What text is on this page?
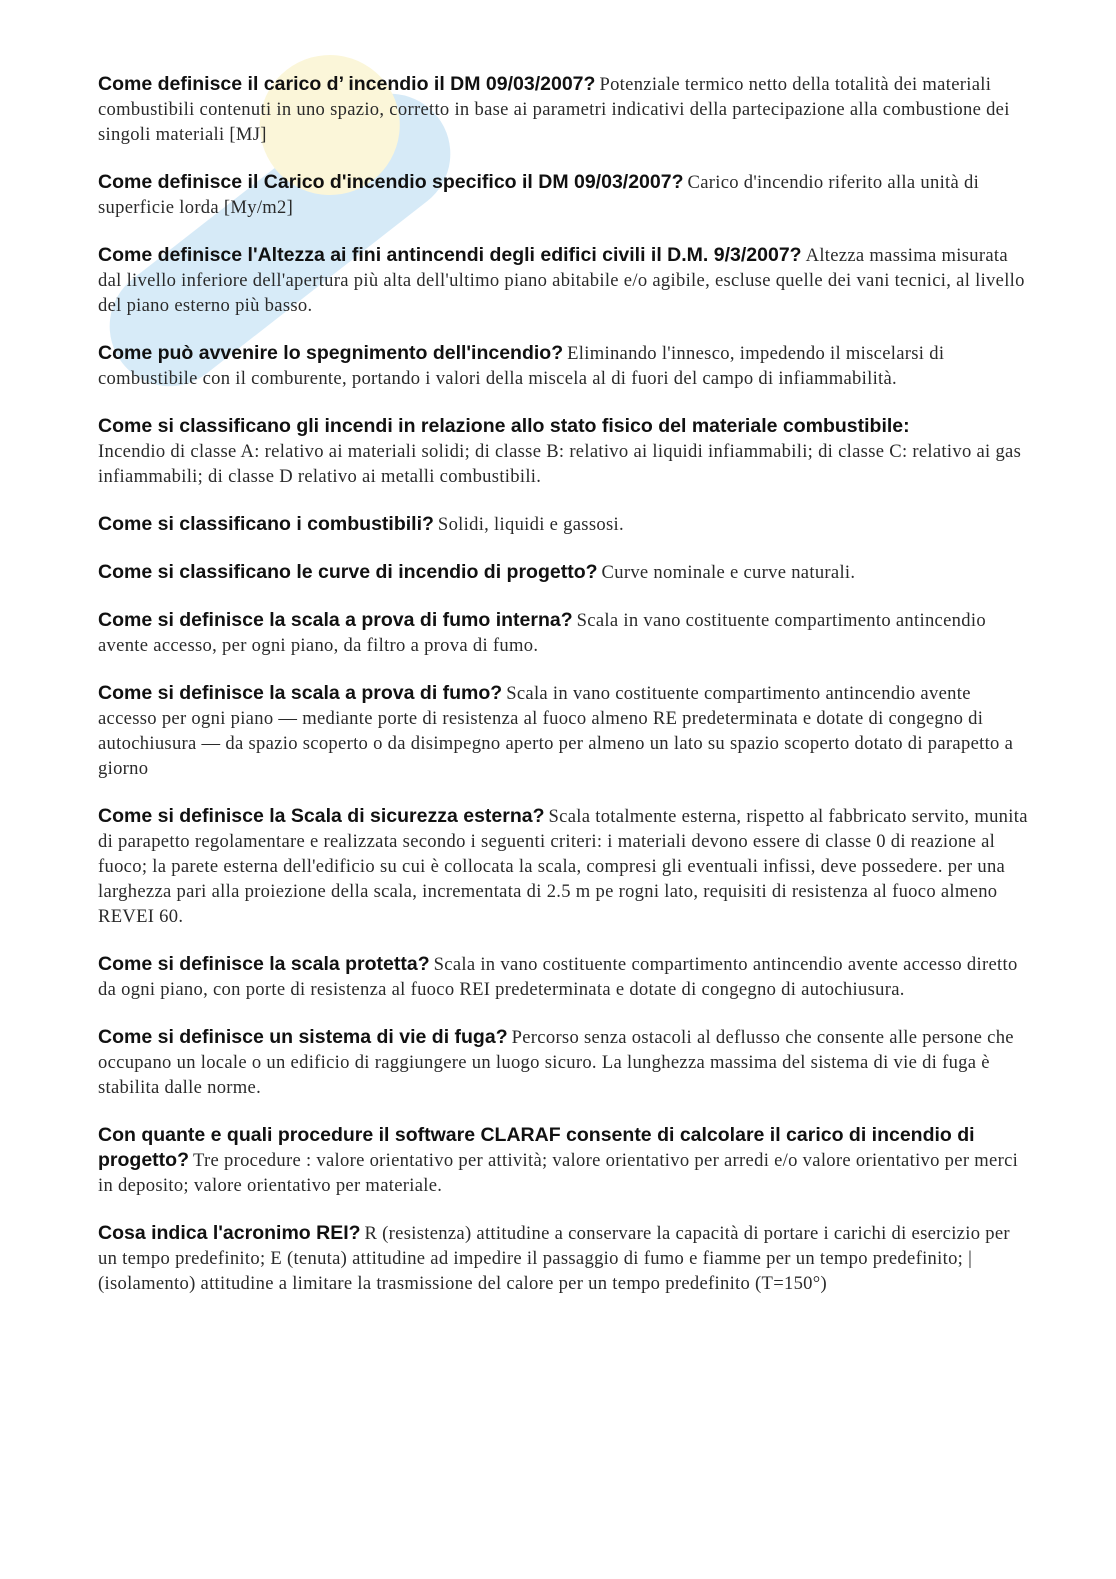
Come definisce il carico d’ incendio il DM 09/03/2007? Potenziale termico netto della totalità dei materiali combustibili contenuti in uno spazio, corretto in base ai parametri indicativi della partecipazione alla combustione dei singoli materiali [MJ]

Come definisce il Carico d'incendio specifico il DM 09/03/2007? Carico d'incendio riferito alla unità di superficie lorda [My/m2]

Come definisce l'Altezza ai fini antincendi degli edifici civili il D.M. 9/3/2007? Altezza massima misurata dal livello inferiore dell'apertura più alta dell'ultimo piano abitabile e/o agibile, escluse quelle dei vani tecnici, al livello del piano esterno più basso.

Come può avvenire lo spegnimento dell'incendio? Eliminando l'innesco, impedendo il miscelarsi di combustibile con il comburente, portando i valori della miscela al di fuori del campo di infiammabilità.

Come si classificano gli incendi in relazione allo stato fisico del materiale combustibile:
Incendio di classe A: relativo ai materiali solidi; di classe B: relativo ai liquidi infiammabili; di classe C: relativo ai gas infiammabili; di classe D relativo ai metalli combustibili.

Come si classificano i combustibili? Solidi, liquidi e gassosi.

Come si classificano le curve di incendio di progetto? Curve nominale e curve naturali.

Come si definisce la scala a prova di fumo interna? Scala in vano costituente compartimento antincendio avente accesso, per ogni piano, da filtro a prova di fumo.

Come si definisce la scala a prova di fumo? Scala in vano costituente compartimento antincendio avente accesso per ogni piano — mediante porte di resistenza al fuoco almeno RE predeterminata e dotate di congegno di autochiusura — da spazio scoperto o da disimpegno aperto per almeno un lato su spazio scoperto dotato di parapetto a giorno

Come si definisce la Scala di sicurezza esterna? Scala totalmente esterna, rispetto al fabbricato servito, munita di parapetto regolamentare e realizzata secondo i seguenti criteri: i materiali devono essere di classe 0 di reazione al fuoco; la parete esterna dell'edificio su cui è collocata la scala, compresi gli eventuali infissi, deve possedere. per una larghezza pari alla proiezione della scala, incrementata di 2.5 m pe rogni lato, requisiti di resistenza al fuoco almeno REVEI 60.

Come si definisce la scala protetta? Scala in vano costituente compartimento antincendio avente accesso diretto da ogni piano, con porte di resistenza al fuoco REI predeterminata e dotate di congegno di autochiusura.

Come si definisce un sistema di vie di fuga? Percorso senza ostacoli al deflusso che consente alle persone che occupano un locale o un edificio di raggiungere un luogo sicuro. La lunghezza massima del sistema di vie di fuga è stabilita dalle norme.

Con quante e quali procedure il software CLARAF consente di calcolare il carico di incendio di progetto? Tre procedure : valore orientativo per attività; valore orientativo per arredi e/o valore orientativo per merci in deposito; valore orientativo per materiale.

Cosa indica l'acronimo REI? R (resistenza) attitudine a conservare la capacità di portare i carichi di esercizio per un tempo predefinito; E (tenuta) attitudine ad impedire il passaggio di fumo e fiamme per un tempo predefinito; | (isolamento) attitudine a limitare la trasmissione del calore per un tempo predefinito (T=150°)
